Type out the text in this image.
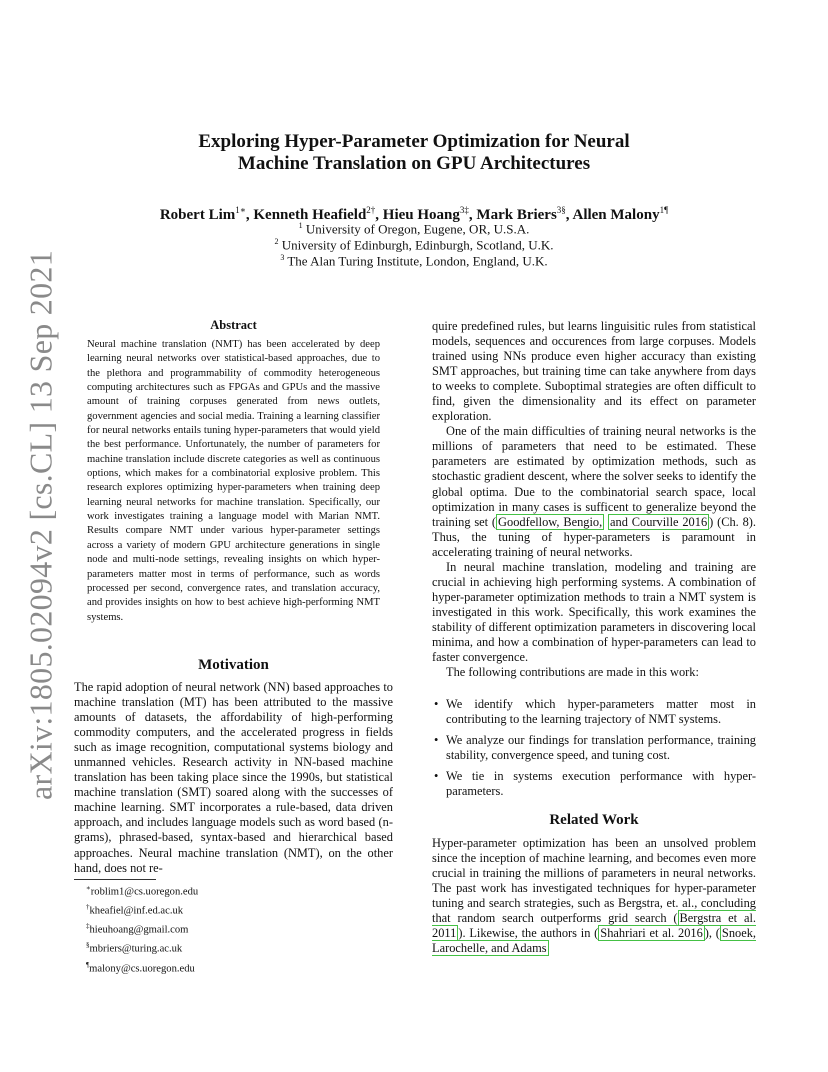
arXiv:1805.02094v2 [cs.CL] 13 Sep 2021
Exploring Hyper-Parameter Optimization for Neural
Machine Translation on GPU Architectures
Robert Lim$^{1∗}$, Kenneth Heafield$^{2\dagger}$, Hieu Hoang$^{3\ddagger}$, Mark Briers$^{3\S}$, Allen Malony$^{1\P}$
$^1$ University of Oregon, Eugene, OR, U.S.A.
$^2$ University of Edinburgh, Edinburgh, Scotland, U.K.
$^3$ The Alan Turing Institute, London, England, U.K.
Abstract

Neural machine translation (NMT) has been accelerated by deep learning neural networks over statistical-based approaches, due to the plethora and programmability of commodity heterogeneous computing architectures such as FPGAs and GPUs and the massive amount of training corpuses generated from news outlets, government agencies and social media. Training a learning classifier for neural networks entails tuning hyper-parameters that would yield the best performance. Unfortunately, the number of parameters for machine translation include discrete categories as well as continuous options, which makes for a combinatorial explosive problem. This research explores optimizing hyper-parameters when training deep learning neural networks for machine translation. Specifically, our work investigates training a language model with Marian NMT. Results compare NMT under various hyper-parameter settings across a variety of modern GPU architecture generations in single node and multi-node settings, revealing insights on which hyper-parameters matter most in terms of performance, such as words processed per second, convergence rates, and translation accuracy, and provides insights on how to best achieve high-performing NMT systems.

Motivation

The rapid adoption of neural network (NN) based approaches to machine translation (MT) has been attributed to the massive amounts of datasets, the affordability of high-performing commodity computers, and the accelerated progress in fields such as image recognition, computational systems biology and unmanned vehicles. Research activity in NN-based machine translation has been taking place since the 1990s, but statistical machine translation (SMT) soared along with the successes of machine learning. SMT incorporates a rule-based, data driven approach, and includes language models such as word based (n-grams), phrased-based, syntax-based and hierarchical based approaches. Neural machine translation (NMT), on the other hand, does not re-

∗roblim1@cs.uoregon.edu
†kheafiel@inf.ed.ac.uk
‡hieuhoang@gmail.com
§mbriers@turing.ac.uk
¶malony@cs.uoregon.edu

quire predefined rules, but learns linguisitic rules from statistical models, sequences and occurences from large corpuses. Models trained using NNs produce even higher accuracy than existing SMT approaches, but training time can take anywhere from days to weeks to complete. Suboptimal strategies are often difficult to find, given the dimensionality and its effect on parameter exploration.

One of the main difficulties of training neural networks is the millions of parameters that need to be estimated. These parameters are estimated by optimization methods, such as stochastic gradient descent, where the solver seeks to identify the global optima. Due to the combinatorial search space, local optimization in many cases is sufficent to generalize beyond the training set ( Goodfellow, Bengio, and Courville 2016 ) (Ch. 8). Thus, the tuning of hyper-parameters is paramount in accelerating training of neural networks.

In neural machine translation, modeling and training are crucial in achieving high performing systems. A combination of hyper-parameter optimization methods to train a NMT system is investigated in this work. Specifically, this work examines the stability of different optimization parameters in discovering local minima, and how a combination of hyper-parameters can lead to faster convergence.

The following contributions are made in this work:

• We identify which hyper-parameters matter most in contributing to the learning trajectory of NMT systems.
• We analyze our findings for translation performance, training stability, convergence speed, and tuning cost.
• We tie in systems execution performance with hyper-parameters.
Related Work

Hyper-parameter optimization has been an unsolved problem since the inception of machine learning, and becomes even more crucial in training the millions of parameters in neural networks. The past work has investigated techniques for hyper-parameter tuning and search strategies, such as Bergstra, et. al., concluding that random search outperforms grid search ( Bergstra et al. 2011 ). Likewise, the authors in ( Shahriari et al. 2016 ), ( Snoek, Larochelle, and Adams
